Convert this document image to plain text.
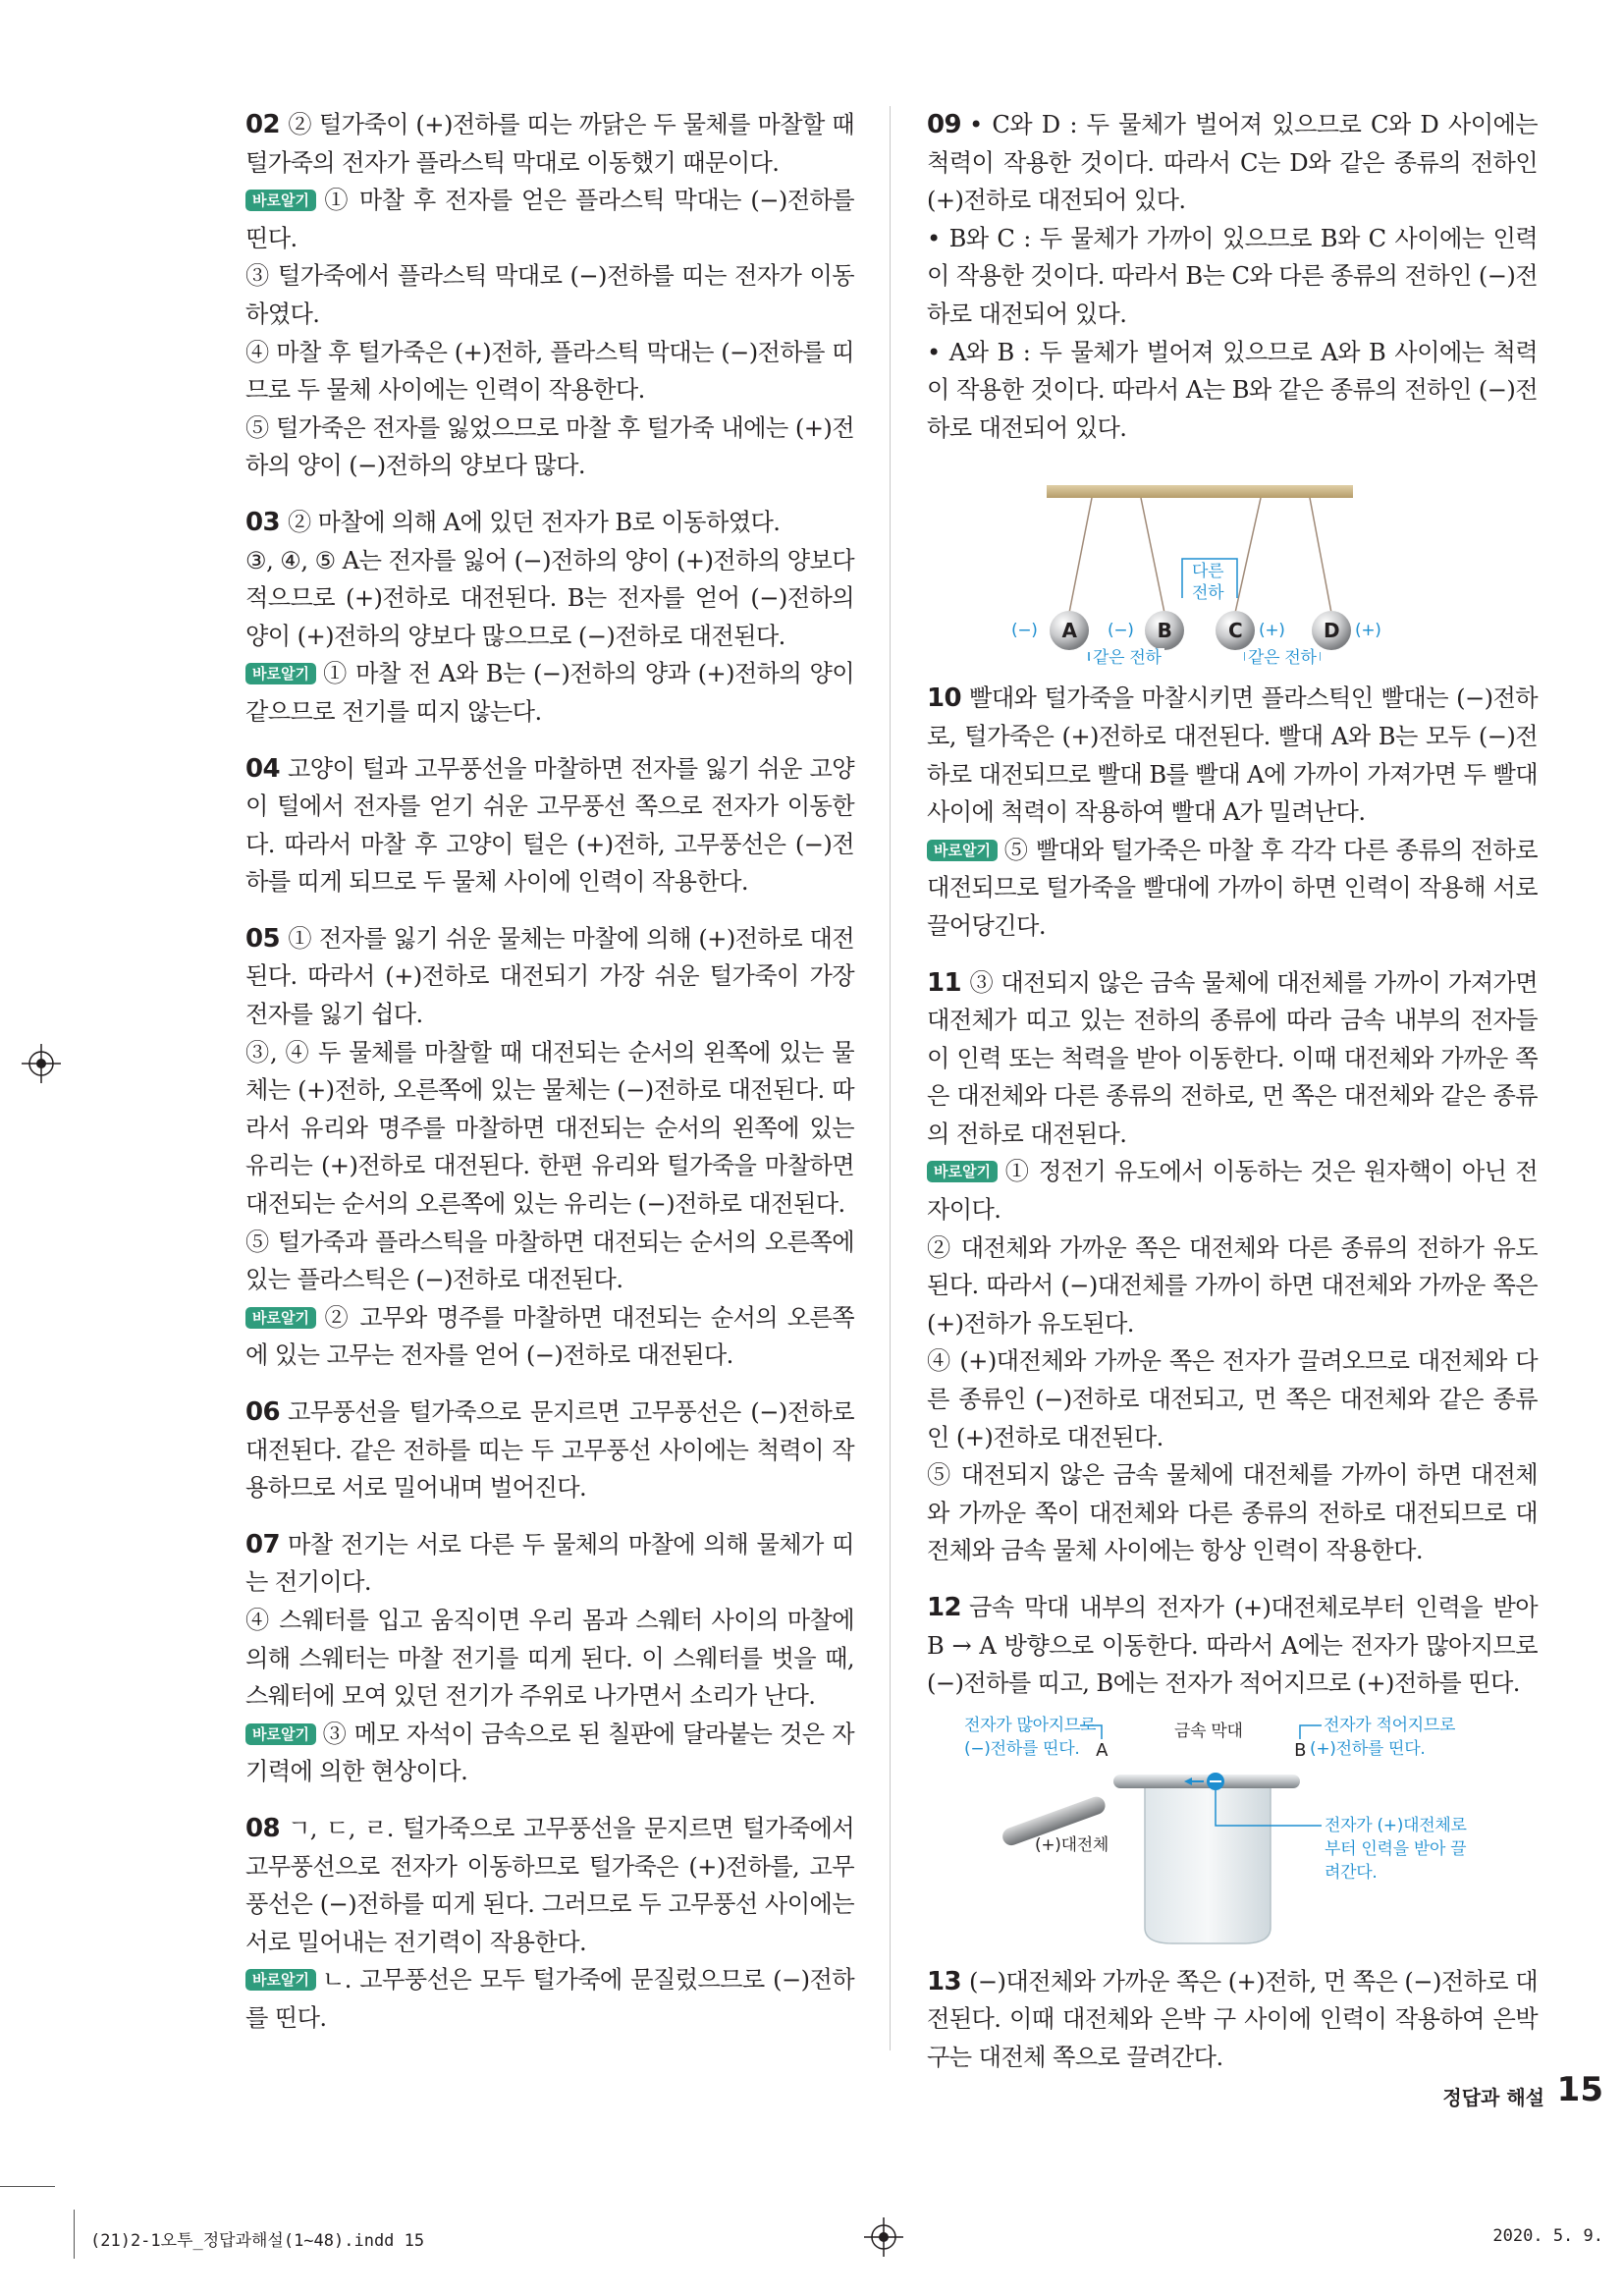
02 ② 털가죽이 (+)전하를 띠는 까닭은 두 물체를 마찰할 때 털가죽의 전자가 플라스틱 막대로 이동했기 때문이다.

바로알기 ① 마찰 후 전자를 얻은 플라스틱 막대는 (−)전하를 띤다.

③ 털가죽에서 플라스틱 막대로 (−)전하를 띠는 전자가 이동하였다.

④ 마찰 후 털가죽은 (+)전하, 플라스틱 막대는 (−)전하를 띠므로 두 물체 사이에는 인력이 작용한다.

⑤ 털가죽은 전자를 잃었으므로 마찰 후 털가죽 내에는 (+)전하의 양이 (−)전하의 양보다 많다.

03 ② 마찰에 의해 A에 있던 전자가 B로 이동하였다.

③, ④, ⑤ A는 전자를 잃어 (−)전하의 양이 (+)전하의 양보다 적으므로 (+)전하로 대전된다. B는 전자를 얻어 (−)전하의 양이 (+)전하의 양보다 많으므로 (−)전하로 대전된다.

바로알기 ① 마찰 전 A와 B는 (−)전하의 양과 (+)전하의 양이 같으므로 전기를 띠지 않는다.

04 고양이 털과 고무풍선을 마찰하면 전자를 잃기 쉬운 고양이 털에서 전자를 얻기 쉬운 고무풍선 쪽으로 전자가 이동한다. 따라서 마찰 후 고양이 털은 (+)전하, 고무풍선은 (−)전하를 띠게 되므로 두 물체 사이에 인력이 작용한다.

05 ① 전자를 잃기 쉬운 물체는 마찰에 의해 (+)전하로 대전된다. 따라서 (+)전하로 대전되기 가장 쉬운 털가죽이 가장 전자를 잃기 쉽다.

③, ④ 두 물체를 마찰할 때 대전되는 순서의 왼쪽에 있는 물체는 (+)전하, 오른쪽에 있는 물체는 (−)전하로 대전된다. 따라서 유리와 명주를 마찰하면 대전되는 순서의 왼쪽에 있는 유리는 (+)전하로 대전된다. 한편 유리와 털가죽을 마찰하면 대전되는 순서의 오른쪽에 있는 유리는 (−)전하로 대전된다.

⑤ 털가죽과 플라스틱을 마찰하면 대전되는 순서의 오른쪽에 있는 플라스틱은 (−)전하로 대전된다.

바로알기 ② 고무와 명주를 마찰하면 대전되는 순서의 오른쪽에 있는 고무는 전자를 얻어 (−)전하로 대전된다.

06 고무풍선을 털가죽으로 문지르면 고무풍선은 (−)전하로 대전된다. 같은 전하를 띠는 두 고무풍선 사이에는 척력이 작용하므로 서로 밀어내며 벌어진다.

07 마찰 전기는 서로 다른 두 물체의 마찰에 의해 물체가 띠는 전기이다.

④ 스웨터를 입고 움직이면 우리 몸과 스웨터 사이의 마찰에 의해 스웨터는 마찰 전기를 띠게 된다. 이 스웨터를 벗을 때, 스웨터에 모여 있던 전기가 주위로 나가면서 소리가 난다.

바로알기 ③ 메모 자석이 금속으로 된 칠판에 달라붙는 것은 자기력에 의한 현상이다.

08 ㄱ, ㄷ, ㄹ. 털가죽으로 고무풍선을 문지르면 털가죽에서 고무풍선으로 전자가 이동하므로 털가죽은 (+)전하를, 고무풍선은 (−)전하를 띠게 된다. 그러므로 두 고무풍선 사이에는 서로 밀어내는 전기력이 작용한다.

바로알기 ㄴ. 고무풍선은 모두 털가죽에 문질렀으므로 (−)전하를 띤다.

09 • C와 D : 두 물체가 벌어져 있으므로 C와 D 사이에는 척력이 작용한 것이다. 따라서 C는 D와 같은 종류의 전하인 (+)전하로 대전되어 있다.

• B와 C : 두 물체가 가까이 있으므로 B와 C 사이에는 인력이 작용한 것이다. 따라서 B는 C와 다른 종류의 전하인 (−)전하로 대전되어 있다.

• A와 B : 두 물체가 벌어져 있으므로 A와 B 사이에는 척력이 작용한 것이다. 따라서 A는 B와 같은 종류의 전하인 (−)전하로 대전되어 있다.

다른
전하
A	B	C	D
(−)	(−)	(+)	(+)
같은 전하	같은 전하

10 빨대와 털가죽을 마찰시키면 플라스틱인 빨대는 (−)전하로, 털가죽은 (+)전하로 대전된다. 빨대 A와 B는 모두 (−)전하로 대전되므로 빨대 B를 빨대 A에 가까이 가져가면 두 빨대 사이에 척력이 작용하여 빨대 A가 밀려난다.

바로알기 ⑤ 빨대와 털가죽은 마찰 후 각각 다른 종류의 전하로 대전되므로 털가죽을 빨대에 가까이 하면 인력이 작용해 서로 끌어당긴다.

11 ③ 대전되지 않은 금속 물체에 대전체를 가까이 가져가면 대전체가 띠고 있는 전하의 종류에 따라 금속 내부의 전자들이 인력 또는 척력을 받아 이동한다. 이때 대전체와 가까운 쪽은 대전체와 다른 종류의 전하로, 먼 쪽은 대전체와 같은 종류의 전하로 대전된다.

바로알기 ① 정전기 유도에서 이동하는 것은 원자핵이 아닌 전자이다.

② 대전체와 가까운 쪽은 대전체와 다른 종류의 전하가 유도된다. 따라서 (−)대전체를 가까이 하면 대전체와 가까운 쪽은 (+)전하가 유도된다.

④ (+)대전체와 가까운 쪽은 전자가 끌려오므로 대전체와 다른 종류인 (−)전하로 대전되고, 먼 쪽은 대전체와 같은 종류인 (+)전하로 대전된다.

⑤ 대전되지 않은 금속 물체에 대전체를 가까이 하면 대전체와 가까운 쪽이 대전체와 다른 종류의 전하로 대전되므로 대전체와 금속 물체 사이에는 항상 인력이 작용한다.

12 금속 막대 내부의 전자가 (+)대전체로부터 인력을 받아 B → A 방향으로 이동한다. 따라서 A에는 전자가 많아지므로 (−)전하를 띠고, B에는 전자가 적어지므로 (+)전하를 띤다.

전자가 많아지므로
(−)전하를 띤다.
전자가 적어지므로
(+)전하를 띤다.
금속 막대
A	B
(+)대전체
전자가 (+)대전체로
부터 인력을 받아 끌
려간다.

13 (−)대전체와 가까운 쪽은 (+)전하, 먼 쪽은 (−)전하로 대전된다. 이때 대전체와 은박 구 사이에 인력이 작용하여 은박 구는 대전체 쪽으로 끌려간다.

정답과 해설 15
(21)2-1오투_정답과해설(1~48).indd 15	2020. 5. 9.
